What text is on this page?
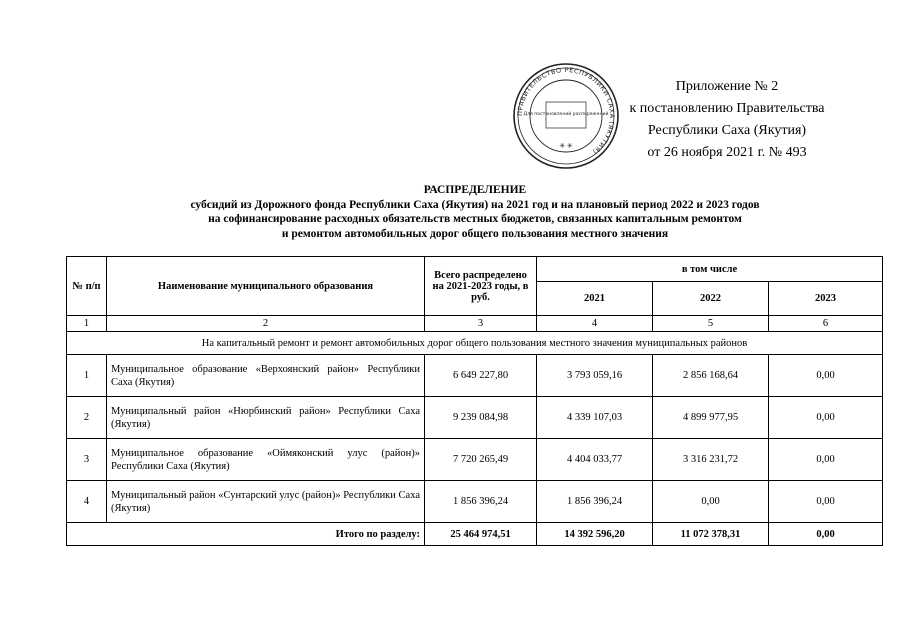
ПРАВИТЕЛЬСТВО РЕСПУБЛИКИ САХА (ЯКУТИЯ)
Для постановлений распоряжений
✳ ✳
Приложение № 2
к постановлению Правительства
Республики Саха (Якутия)
от 26 ноября 2021 г. № 493
РАСПРЕДЕЛЕНИЕ
субсидий из Дорожного фонда Республики Саха (Якутия) на 2021 год и на плановый период 2022 и 2023 годов
на софинансирование расходных обязательств местных бюджетов, связанных капитальным ремонтом
и ремонтом автомобильных дорог общего пользования местного значения
№ п/п	Наименование муниципального образования	Всего распределено на 2021-2023 годы, в руб.	в том числе		
			2021	2022	2023
1	2	3	4	5	6
На капитальный ремонт и ремонт автомобильных дорог общего пользования местного значения муниципальных районов					
1	Муниципальное образование «Верхоянский район» Республики Саха (Якутия)	6 649 227,80	3 793 059,16	2 856 168,64	0,00
2	Муниципальный район «Нюрбинский район» Республики Саха (Якутия)	9 239 084,98	4 339 107,03	4 899 977,95	0,00
3	Муниципальное образование «Оймяконский улус (район)» Республики Саха (Якутия)	7 720 265,49	4 404 033,77	3 316 231,72	0,00
4	Муниципальный район «Сунтарский улус (район)» Республики Саха (Якутия)	1 856 396,24	1 856 396,24	0,00	0,00
Итого по разделу:		25 464 974,51	14 392 596,20	11 072 378,31	0,00
